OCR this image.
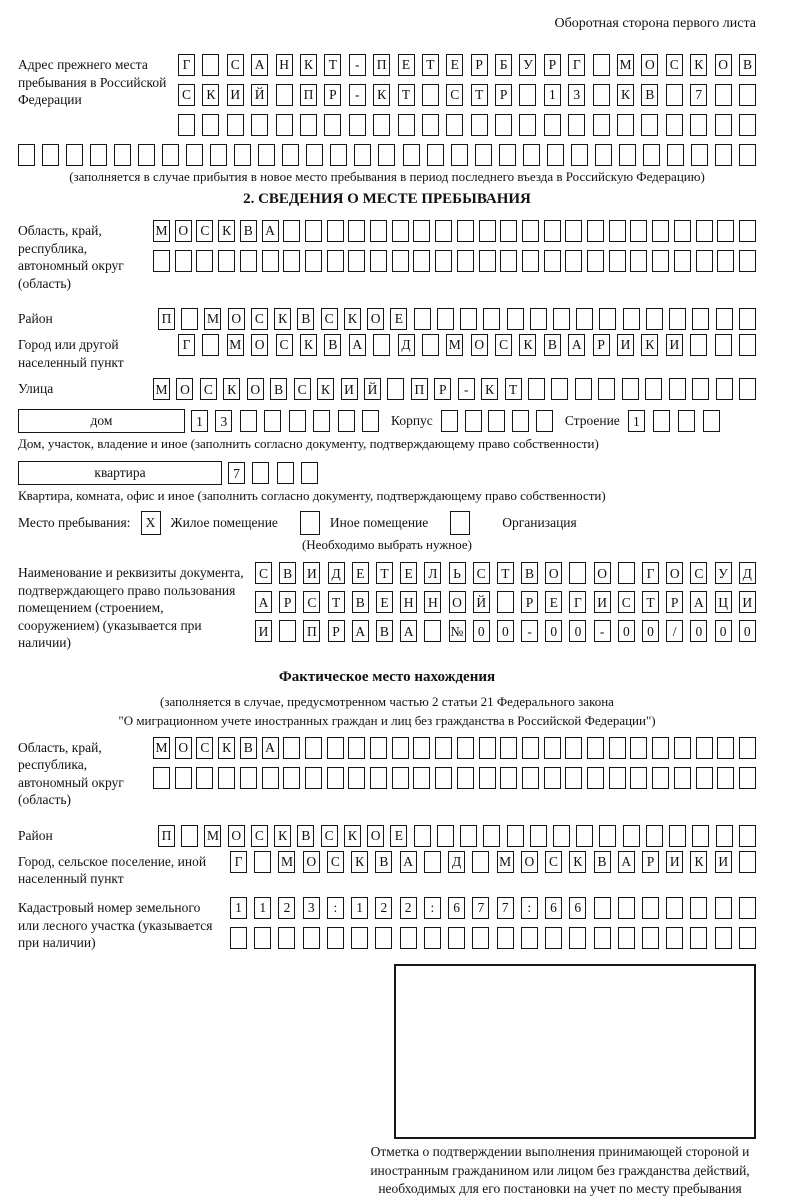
Оборотная сторона первого листа
Адрес прежнего места пребывания в Российской Федерации
Г	С А Н К	Т	-	П	Е	Т	Е	Р	Б	У	Р	Г	М О С К О В
С К И Й	П	Р	-	К	Т	С	Т	Р	1	3	К В	7
(заполняется в случае прибытия в новое место пребывания в период последнего въезда в Российскую Федерацию)
2. СВЕДЕНИЯ О МЕСТЕ ПРЕБЫВАНИЯ
Область, край, республика, автономный округ (область)
М О С К В А
Район	П	М О С К В С К О	Е
Город или другой населенный пункт
Г	М О С К В А	Д	М О С К В А	Р	И К И
Улица	М О С К О В С К И Й	П	Р	-	К	Т
дом	1	3	Корпус	Строение 1
Дом, участок, владение и иное (заполнить согласно документу, подтверждающему право собственности)
квартира	7
Квартира, комната, офис и иное (заполнить согласно документу, подтверждающему право собственности)
Место пребывания:	X	Жилое помещение	Иное помещение	Организация
(Необходимо выбрать нужное)
Наименование и реквизиты документа, подтверждающего право пользования помещением (строением, сооружением) (указывается при наличии)
С В И Д	Е	Т	Е	Л	Ь	С	Т	В О	О	Г	О С У Д
А	Р	С	Т	В	Е	Н Н О Й	Р	Е	Г	И С	Т	Р	А Ц И
И	П	Р	А В А	№	0	0	-	0	0	-	0	0	/	0	0	0
Фактическое место нахождения
(заполняется в случае, предусмотренном частью 2 статьи 21 Федерального закона
"О миграционном учете иностранных граждан и лиц без гражданства в Российской Федерации")
Область, край, республика, автономный округ (область)
М О С К В А
Район	П	М О С К В С К О	Е
Город, сельское поселение, иной населенный пункт
Г	М О С К В А	Д	М О С К В А	Р	И К И
Кадастровый номер земельного или лесного участка (указывается при наличии)
1	1	2	3	:	1	2	2	:	6	7	7	:	6	6
Отметка о подтверждении выполнения принимающей стороной и иностранным гражданином или лицом без гражданства действий, необходимых для его постановки на учет по месту пребывания
